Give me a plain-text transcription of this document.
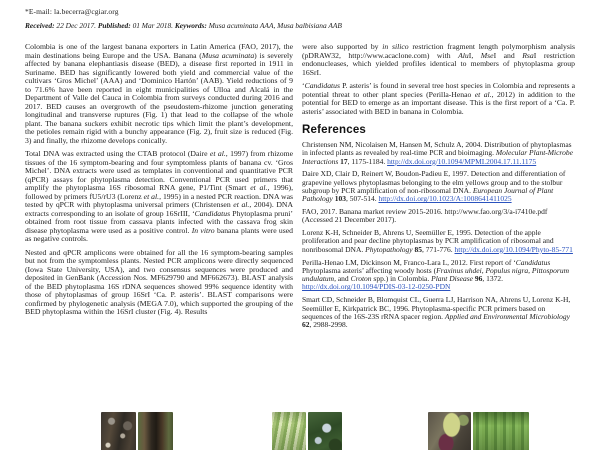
*E-mail: la.becerra@cgiar.org
Received: 22 Dec 2017. Published: 01 Mar 2018. Keywords: Musa acuminata AAA, Musa balbisiana AAB

Colombia is one of the largest banana exporters in Latin America (FAO, 2017), the main destinations being Europe and the USA. Banana (Musa acuminata) is severely affected by banana elephantiasis disease (BED), a disease first reported in 1911 in Suriname. BED has significantly lowered both yield and commercial value of the cultivars ‘Gros Michel’ (AAA) and ‘Dominico Hartón’ (AAB). Yield reductions of 9 to 71.6% have been reported in eight municipalities of Ulloa and Alcalá in the Department of Valle del Cauca in Colombia from surveys conducted during 2016 and 2017. BED causes an overgrowth of the pseudostem-rhizome junction generating longitudinal and transverse ruptures (Fig. 1) that lead to the collapse of the whole plant. The banana suckers exhibit necrotic tips which limit the plant’s development, the petioles remain rigid with a bunchy appearance (Fig. 2), fruit size is reduced (Fig. 3) and finally, the rhizome develops conically.

Total DNA was extracted using the CTAB protocol (Daire et al., 1997) from rhizome tissues of the 16 symptom-bearing and four symptomless plants of banana cv. ‘Gros Michel’. DNA extracts were used as templates in conventional and quantitative PCR (qPCR) assays for phytoplasma detection. Conventional PCR used primers that amplify the phytoplasma 16S ribosomal RNA gene, P1/Tint (Smart et al., 1996), followed by primers fU5/rU3 (Lorenz et al., 1995) in a nested PCR reaction. DNA was tested by qPCR with phytoplasma universal primers (Christensen et al., 2004). DNA extracts corresponding to an isolate of group 16SrIII, ‘Candidatus Phytoplasma pruni’ obtained from root tissue from cassava plants infected with the cassava frog skin disease phytoplasma were used as a positive control. In vitro banana plants were used as negative controls.

Nested and qPCR amplicons were obtained for all the 16 symptom-bearing samples but not from the symptomless plants. Nested PCR amplicons were directly sequenced (Iowa State University, USA), and two consensus sequences were produced and deposited in GenBank (Accession Nos. MF629790 and MF662673). BLAST analysis of the BED phytoplasma 16S rDNA sequences showed 99% sequence identity with those of phytoplasmas of group 16SrI ‘Ca. P. asteris’. BLAST comparisons were confirmed by phylogenetic analysis (MEGA 7.0), which supported the grouping of the BED phytoplasma within the 16SrI cluster (Fig. 4). Results

were also supported by in silico restriction fragment length polymorphism analysis (pDRAW32, http://www.acaclone.com) with AluI, MseI and RsaI restriction endonucleases, which yielded profiles identical to members of phytoplasma group 16SrI.

‘Candidatus P. asteris’ is found in several tree host species in Colombia and represents a potential threat to other plant species (Perilla-Henao et al., 2012) in addition to the potential for BED to emerge as an important disease. This is the first report of a ‘Ca. P. asteris’ associated with BED in banana in Colombia.

References

Christensen NM, Nicolaisen M, Hansen M, Schulz A, 2004. Distribution of phytoplasmas in infected plants as revealed by real-time PCR and bioimaging. Molecular Plant-Microbe Interactions 17, 1175-1184. http://dx.doi.org/10.1094/MPMI.2004.17.11.1175

Daire XD, Clair D, Reinert W, Boudon-Padieu E, 1997. Detection and differentiation of grapevine yellows phytoplasmas belonging to the elm yellows group and to the stolbur subgroup by PCR amplification of non-ribosomal DNA. European Journal of Plant Pathology 103, 507-514. http://dx.doi.org/10.1023/A:1008641411025

FAO, 2017. Banana market review 2015-2016. http://www.fao.org/3/a-i7410e.pdf (Accessed 21 December 2017).

Lorenz K-H, Schneider B, Ahrens U, Seemüller E, 1995. Detection of the apple proliferation and pear decline phytoplasmas by PCR amplification of ribosomal and nonribosomal DNA. Phytopathology 85, 771-776. http://dx.doi.org/10.1094/Phyto-85-771

Perilla-Henao LM, Dickinson M, Franco-Lara L, 2012. First report of ‘Candidatus Phytoplasma asteris’ affecting woody hosts (Fraxinus uhdei, Populus nigra, Pittosporum undulatum, and Croton spp.) in Colombia. Plant Disease 96, 1372. http://dx.doi.org/10.1094/PDIS-03-12-0250-PDN

Smart CD, Schneider B, Blomquist CL, Guerra LJ, Harrison NA, Ahrens U, Lorenz K-H, Seemüller E, Kirkpatrick BC, 1996. Phytoplasma-specific PCR primers based on sequences of the 16S-23S rRNA spacer region. Applied and Environmental Microbiology 62, 2988-2998.
